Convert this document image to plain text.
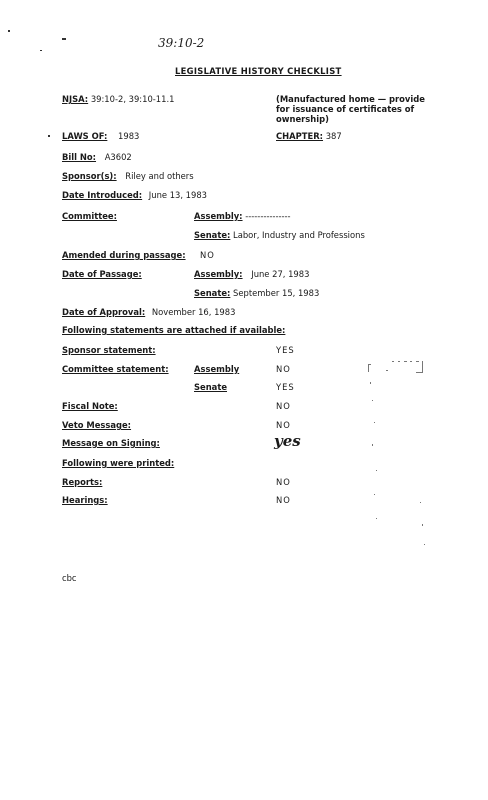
39:10-2
LEGISLATIVE HISTORY CHECKLIST
NJSA: 39:10-2, 39:10-11.1	(Manufactured home — provide
for issuance of certificates of
ownership)
LAWS OF: 1983	CHAPTER: 387
Bill No: A3602
Sponsor(s): Riley and others
Date Introduced: June 13, 1983
Committee:	Assembly: ---------------
Senate: Labor, Industry and Professions
Amended during passage: NO
Date of Passage:	Assembly: June 27, 1983
Senate: September 15, 1983
Date of Approval: November 16, 1983
Following statements are attached if available:
Sponsor statement:	YES
Committee statement:	Assembly	NO
Senate	YES
Fiscal Note:	NO
Veto Message:	NO
Message on Signing:	yes
Following were printed:
Reports:	NO
Hearings:	NO
cbc
